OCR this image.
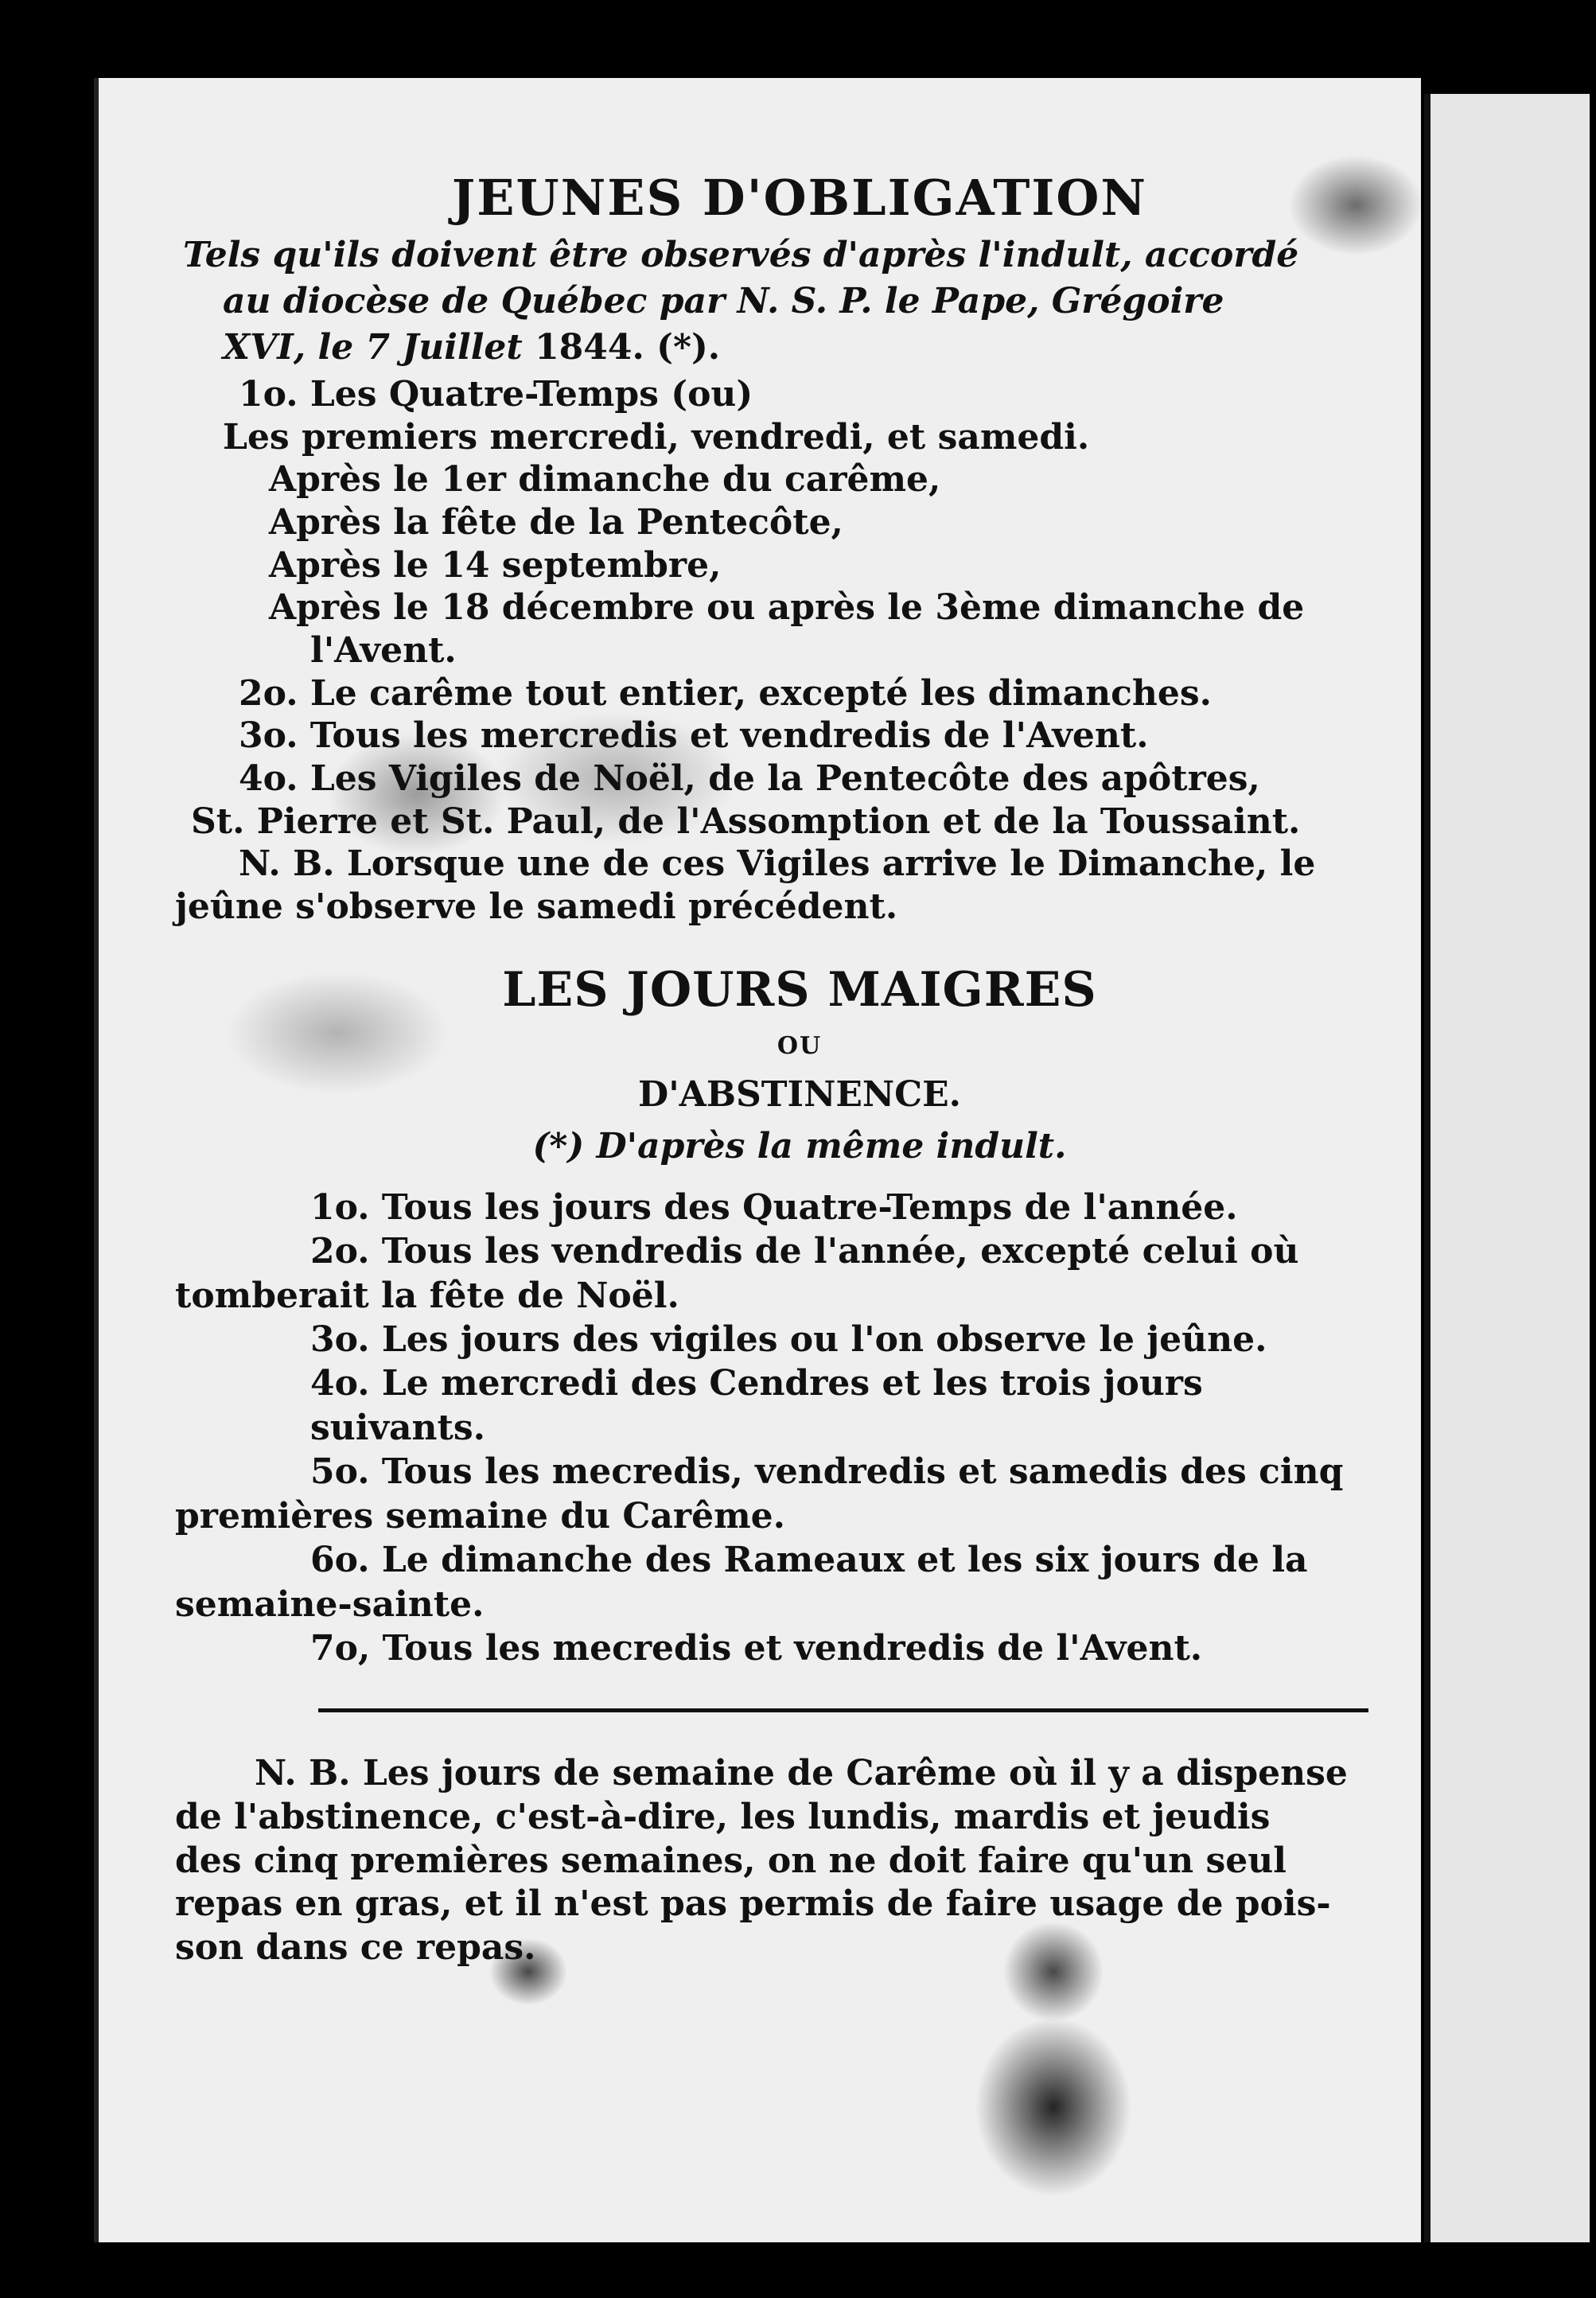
JEUNES D'OBLIGATION

Tels qu'ils doivent être observés d'après l'indult, accordé

au diocèse de Québec par N. S. P. le Pape, Grégoire

XVI, le 7 Juillet 1844. (*).

1o. Les Quatre-Temps (ou)

Les premiers mercredi, vendredi, et samedi.

Après le 1er dimanche du carême,

Après la fête de la Pentecôte,

Après le 14 septembre,

Après le 18 décembre ou après le 3ème dimanche de

l'Avent.

2o. Le carême tout entier, excepté les dimanches.

3o. Tous les mercredis et vendredis de l'Avent.

4o. Les Vigiles de Noël, de la Pentecôte des apôtres,

St. Pierre et St. Paul, de l'Assomption et de la Toussaint.

N. B. Lorsque une de ces Vigiles arrive le Dimanche, le

jeûne s'observe le samedi précédent.

LES JOURS MAIGRES

OU

D'ABSTINENCE.

(*) D'après la même indult.

1o. Tous les jours des Quatre-Temps de l'année.

2o. Tous les vendredis de l'année, excepté celui où

tomberait la fête de Noël.

3o. Les jours des vigiles ou l'on observe le jeûne.

4o. Le mercredi des Cendres et les trois jours suivants.

5o. Tous les mecredis, vendredis et samedis des cinq

premières semaine du Carême.

6o. Le dimanche des Rameaux et les six jours de la

semaine-sainte.

7o, Tous les mecredis et vendredis de l'Avent.

N. B. Les jours de semaine de Carême où il y a dispense

de l'abstinence, c'est-à-dire, les lundis, mardis et jeudis

des cinq premières semaines, on ne doit faire qu'un seul

repas en gras, et il n'est pas permis de faire usage de pois-

son dans ce repas.
